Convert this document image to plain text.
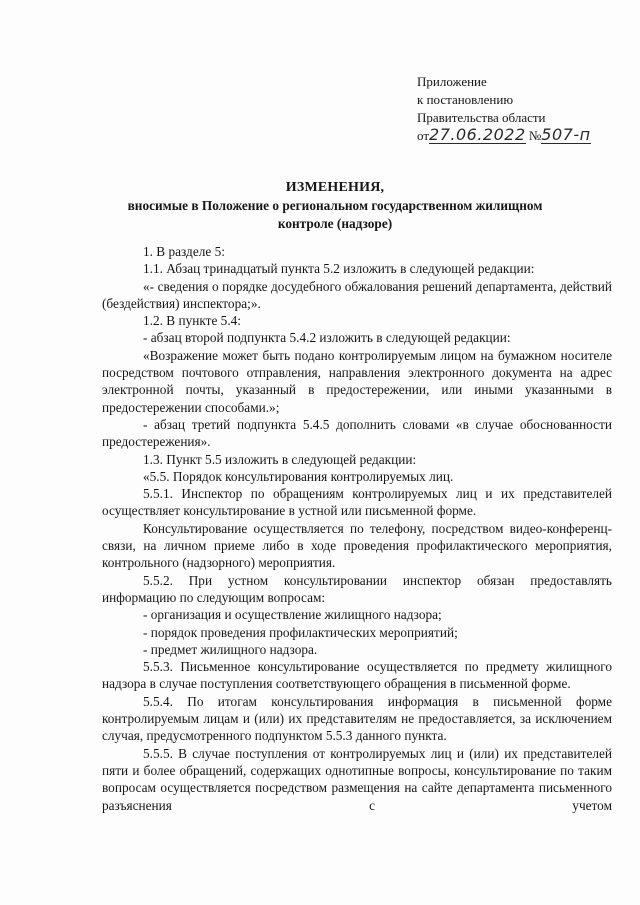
Приложение
к постановлению
Правительства области
от27.06.2022 №507-п
ИЗМЕНЕНИЯ,
вносимые в Положение о региональном государственном жилищном
контроле (надзоре)

1. В разделе 5:

1.1. Абзац тринадцатый пункта 5.2 изложить в следующей редакции:

«- сведения о порядке досудебного обжалования решений департамента, действий (бездействия) инспектора;».

1.2. В пункте 5.4:

- абзац второй подпункта 5.4.2 изложить в следующей редакции:

«Возражение может быть подано контролируемым лицом на бумажном носителе посредством почтового отправления, направления электронного документа на адрес электронной почты, указанный в предостережении, или иными указанными в предостережении способами.»;

- абзац третий подпункта 5.4.5 дополнить словами «в случае обоснованности предостережения».

1.3. Пункт 5.5 изложить в следующей редакции:

«5.5. Порядок консультирования контролируемых лиц.

5.5.1. Инспектор по обращениям контролируемых лиц и их представителей осуществляет консультирование в устной или письменной форме.

Консультирование осуществляется по телефону, посредством видео-конференц-связи, на личном приеме либо в ходе проведения профилактического мероприятия, контрольного (надзорного) мероприятия.

5.5.2. При устном консультировании инспектор обязан предоставлять информацию по следующим вопросам:

- организация и осуществление жилищного надзора;

- порядок проведения профилактических мероприятий;

- предмет жилищного надзора.

5.5.3. Письменное консультирование осуществляется по предмету жилищного надзора в случае поступления соответствующего обращения в письменной форме.

5.5.4. По итогам консультирования информация в письменной форме контролируемым лицам и (или) их представителям не предоставляется, за исключением случая, предусмотренного подпунктом 5.5.3 данного пункта.

5.5.5. В случае поступления от контролируемых лиц и (или) их представителей пяти и более обращений, содержащих однотипные вопросы, консультирование по таким вопросам осуществляется посредством размещения на сайте департамента письменного разъяснения с учетом
